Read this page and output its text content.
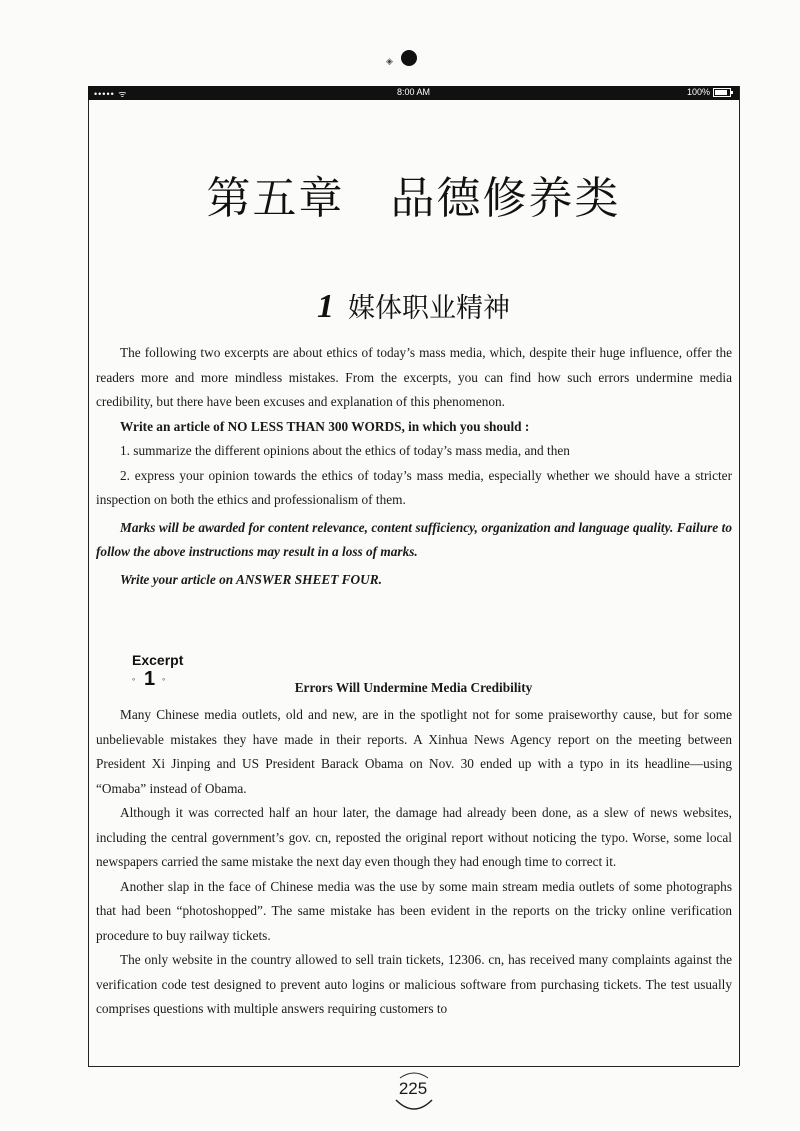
◈
••••• ᯤ	8:00 AM	100%
第五章　品德修养类
1 媒体职业精神

The following two excerpts are about ethics of today’s mass media, which, despite their huge influence, offer the readers more and more mindless mistakes. From the excerpts, you can find how such errors undermine media credibility, but there have been excuses and explanation of this phenomenon.

Write an article of NO LESS THAN 300 WORDS, in which you should :

1. summarize the different opinions about the ethics of today’s mass media, and then

2. express your opinion towards the ethics of today’s mass media, especially whether we should have a stricter inspection on both the ethics and professionalism of them.

Marks will be awarded for content relevance, content sufficiency, organization and language quality. Failure to follow the above instructions may result in a loss of marks.

Write your article on ANSWER SHEET FOUR.

Excerpt
◦ 1 ◦
Errors Will Undermine Media Credibility

Many Chinese media outlets, old and new, are in the spotlight not for some praiseworthy cause, but for some unbelievable mistakes they have made in their reports. A Xinhua News Agency report on the meeting between President Xi Jinping and US President Barack Obama on Nov. 30 ended up with a typo in its headline—using “Omaba” instead of Obama.

Although it was corrected half an hour later, the damage had already been done, as a slew of news websites, including the central government’s gov. cn, reposted the original report without noticing the typo. Worse, some local newspapers carried the same mistake the next day even though they had enough time to correct it.

Another slap in the face of Chinese media was the use by some main stream media outlets of some photographs that had been “photoshopped”. The same mistake has been evident in the reports on the tricky online verification procedure to buy railway tickets.

The only website in the country allowed to sell train tickets, 12306. cn, has received many complaints against the verification code test designed to prevent auto logins or malicious software from purchasing tickets. The test usually comprises questions with multiple answers requiring customers to

225
